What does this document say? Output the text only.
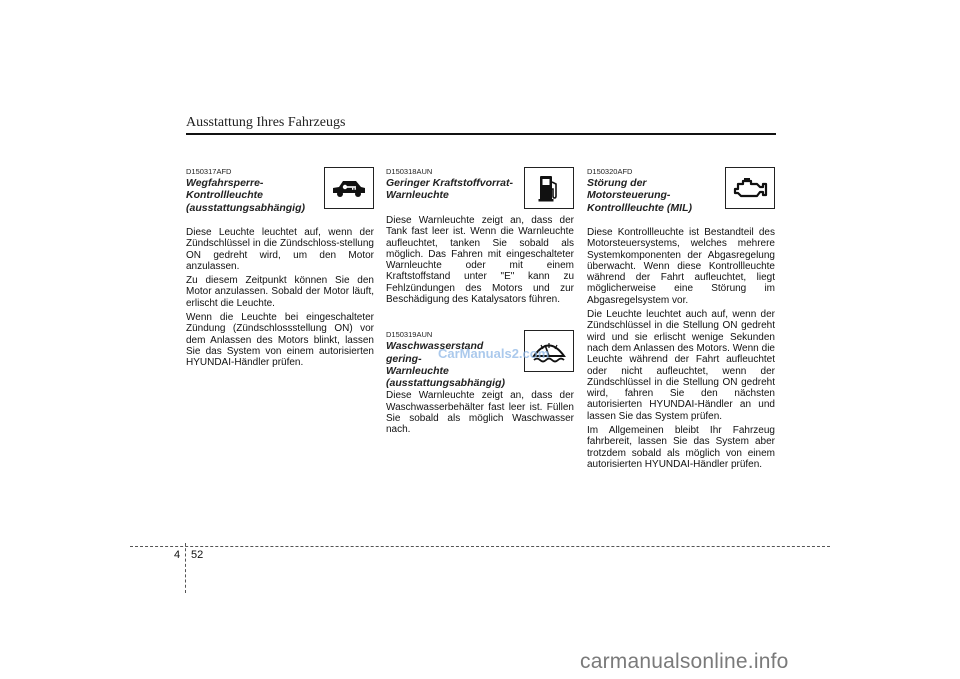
Ausstattung Ihres Fahrzeugs

D150317AFD

Wegfahrsperre-
Kontrollleuchte
(ausstattungsabhängig)

Diese Leuchte leuchtet auf, wenn der Zündschlüssel in die Zündschloss-stellung ON gedreht wird, um den Motor anzulassen.

Zu diesem Zeitpunkt können Sie den Motor anzulassen. Sobald der Motor läuft, erlischt die Leuchte.

Wenn die Leuchte bei eingeschalteter Zündung (Zündschlossstellung ON) vor dem Anlassen des Motors blinkt, lassen Sie das System von einem autorisierten HYUNDAI-Händler prüfen.

D150318AUN

Geringer Kraftstoffvorrat-
Warnleuchte

Diese Warnleuchte zeigt an, dass der Tank fast leer ist. Wenn die Warnleuchte aufleuchtet, tanken Sie sobald als möglich. Das Fahren mit eingeschalteter Warnleuchte oder mit einem Kraftstoffstand unter "E" kann zu Fehlzündungen des Motors und zur Beschädigung des Katalysators führen.

D150319AUN

Waschwasserstand gering-
Warnleuchte
(ausstattungsabhängig)

Diese Warnleuchte zeigt an, dass der Waschwasserbehälter fast leer ist. Füllen Sie sobald als möglich Waschwasser nach.

D150320AFD

Störung der
Motorsteuerung-
Kontrollleuchte (MIL)

Diese Kontrollleuchte ist Bestandteil des Motorsteuersystems, welches mehrere Systemkomponenten der Abgasregelung überwacht. Wenn diese Kontrollleuchte während der Fahrt aufleuchtet, liegt möglicherweise eine Störung im Abgasregelsystem vor.

Die Leuchte leuchtet auch auf, wenn der Zündschlüssel in die Stellung ON gedreht wird und sie erlischt wenige Sekunden nach dem Anlassen des Motors. Wenn die Leuchte während der Fahrt aufleuchtet oder nicht aufleuchtet, wenn der Zündschlüssel in die Stellung ON gedreht wird, fahren Sie den nächsten autorisierten HYUNDAI-Händler an und lassen Sie das System prüfen.

Im Allgemeinen bleibt Ihr Fahrzeug fahrbereit, lassen Sie das System aber trotzdem sobald als möglich von einem autorisierten HYUNDAI-Händler prüfen.

CarManuals2.com
4 52
carmanualsonline.info
